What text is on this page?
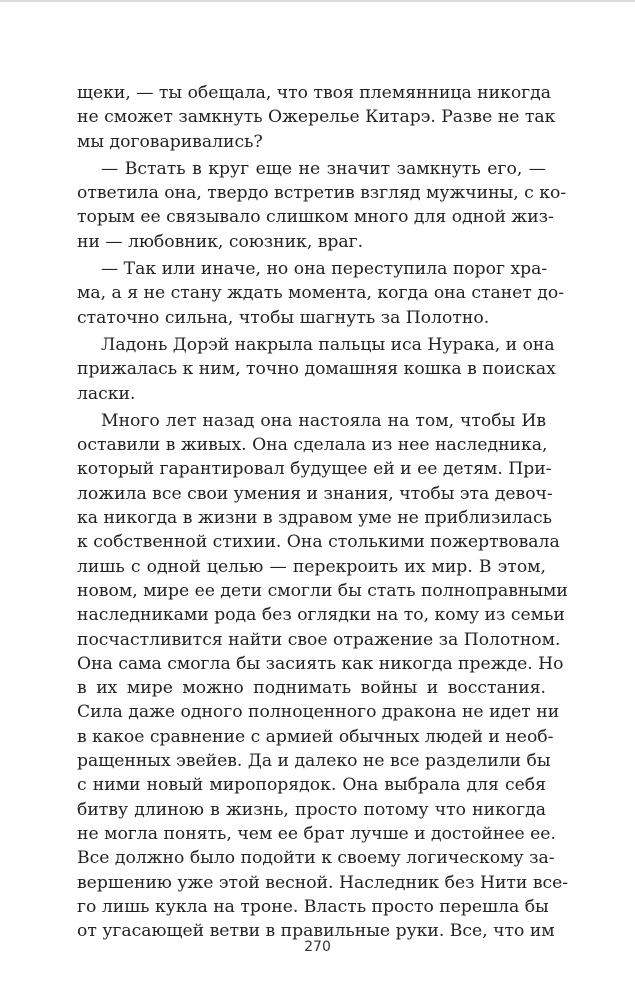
щеки, — ты обещала, что твоя племянница никогда
не сможет замкнуть Ожерелье Китарэ. Разве не так
мы договаривались?
— Встать в круг еще не значит замкнуть его, —
ответила она, твердо встретив взгляд мужчины, с ко-
торым ее связывало слишком много для одной жиз-
ни — любовник, союзник, враг.
— Так или иначе, но она переступила порог хра-
ма, а я не стану ждать момента, когда она станет до-
статочно сильна, чтобы шагнуть за Полотно.
Ладонь Дорэй накрыла пальцы иса Нурака, и она
прижалась к ним, точно домашняя кошка в поисках
ласки.
Много лет назад она настояла на том, чтобы Ив
оставили в живых. Она сделала из нее наследника,
который гарантировал будущее ей и ее детям. При-
ложила все свои умения и знания, чтобы эта девоч-
ка никогда в жизни в здравом уме не приблизилась
к собственной стихии. Она столькими пожертвовала
лишь с одной целью — перекроить их мир. В этом,
новом, мире ее дети смогли бы стать полноправными
наследниками рода без оглядки на то, кому из семьи
посчастливится найти свое отражение за Полотном.
Она сама смогла бы засиять как никогда прежде. Но
в их мире можно поднимать войны и восстания.
Сила даже одного полноценного дракона не идет ни
в какое сравнение с армией обычных людей и необ-
ращенных эвейев. Да и далеко не все разделили бы
с ними новый миропорядок. Она выбрала для себя
битву длиною в жизнь, просто потому что никогда
не могла понять, чем ее брат лучше и достойнее ее.
Все должно было подойти к своему логическому за-
вершению уже этой весной. Наследник без Нити все-
го лишь кукла на троне. Власть просто перешла бы
от угасающей ветви в правильные руки. Все, что им
270
